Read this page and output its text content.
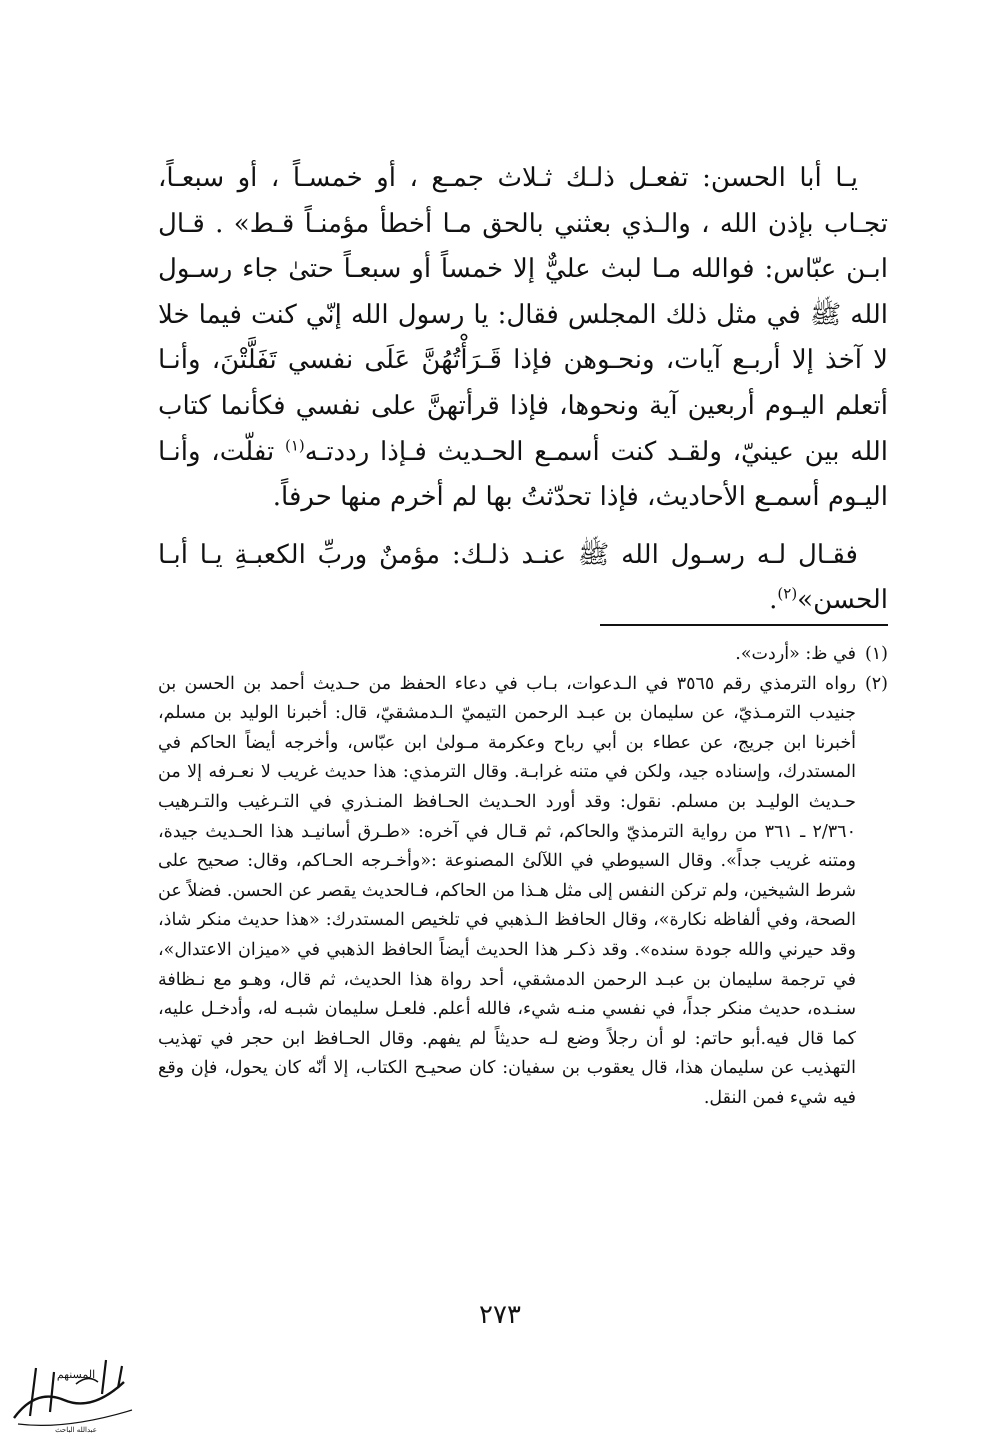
يـا أبا الحسن: تفعـل ذلـك ثـلاث جمـع ، أو خمسـاً ، أو سبعـاً، تجـاب بإذن الله ، والـذي بعثني بالحق مـا أخطأ مؤمنـاً قـط» . قـال ابـن عبّاس: فوالله مـا لبث عليٌّ إلا خمساً أو سبعـاً حتىٰ جاء رسـول الله ﷺ في مثل ذلك المجلس فقال: يا رسول الله إنّي كنت فيما خلا لا آخذ إلا أربـع آيات، ونحـوهن فإذا قَـرَأْتُهُنَّ عَلَى نفسي تَفَلَّتْنَ، وأنـا أتعلم اليـوم أربعين آية ونحوها، فإذا قرأتهنَّ على نفسي فكأنما كتاب الله بين عينيّ، ولقـد كنت أسمـع الحـديث فـإذا رددتـه$^{(١)}$ تفلّت، وأنـا اليـوم أسمـع الأحاديث، فإذا تحدّثتُ بها لم أخرم منها حرفاً.

فقـال لـه رسـول الله ﷺ عنـد ذلـك: مؤمنٌ وربِّ الكعبـةِ يـا أبـا الحسن»$^{(٢)}$.

(١)
في ظ: «أردت».
(٢)
رواه الترمذي رقم ٣٥٦٥ في الـدعوات، بـاب في دعاء الحفظ من حـديث أحمد بن الحسن بن جنيدب الترمـذيّ، عن سليمان بن عبـد الرحمن التيميّ الـدمشقيّ، قال: أخبرنا الوليد بن مسلم، أخبرنا ابن جريج، عن عطاء بن أبي رباح وعكرمة مـولىٰ ابن عبّاس، وأخرجه أيضاً الحاكم في المستدرك، وإسناده جيد، ولكن في متنه غرابـة. وقال الترمذي: هذا حديث غريب لا نعـرفه إلا من حـديث الوليـد بن مسلم. نقول: وقد أورد الحـديث الحـافظ المنـذري في التـرغيب والتـرهيب ٢/٣٦٠ ـ ٣٦١ من رواية الترمذيّ والحاكم، ثم قـال في آخره: «طـرق أسانيـد هذا الحـديث جيدة، ومتنه غريب جداً». وقال السيوطي في اللآلئ المصنوعة :«وأخـرجه الحـاكم، وقال: صحيح على شرط الشيخين، ولم تركن النفس إلى مثل هـذا من الحاكم، فـالحديث يقصر عن الحسن. فضلاً عن الصحة، وفي ألفاظه نكارة»، وقال الحافظ الـذهبي في تلخيص المستدرك: «هذا حديث منكر شاذ، وقد حيرني والله جودة سنده». وقد ذكـر هذا الحديث أيضاً الحافظ الذهبي في «ميزان الاعتدال»، في ترجمة سليمان بن عبـد الرحمن الدمشقي، أحد رواة هذا الحديث، ثم قال، وهـو مع نـظافة سنـده، حديث منكر جداً، في نفسي منـه شيء، فالله أعلم. فلعـل سليمان شبـه له، وأدخـل عليه، كما قال فيه.أبو حاتم: لو أن رجلاً وضع لـه حديثاً لم يفهم. وقال الحـافظ ابن حجر في تهذيب التهذيب عن سليمان هذا، قال يعقوب بن سفيان: كان صحيـح الكتاب، إلا أنّه كان يحول، فإن وقع فيه شيء فمن النقل.
٢٧٣
المسنهم
عبدالله الباحث
